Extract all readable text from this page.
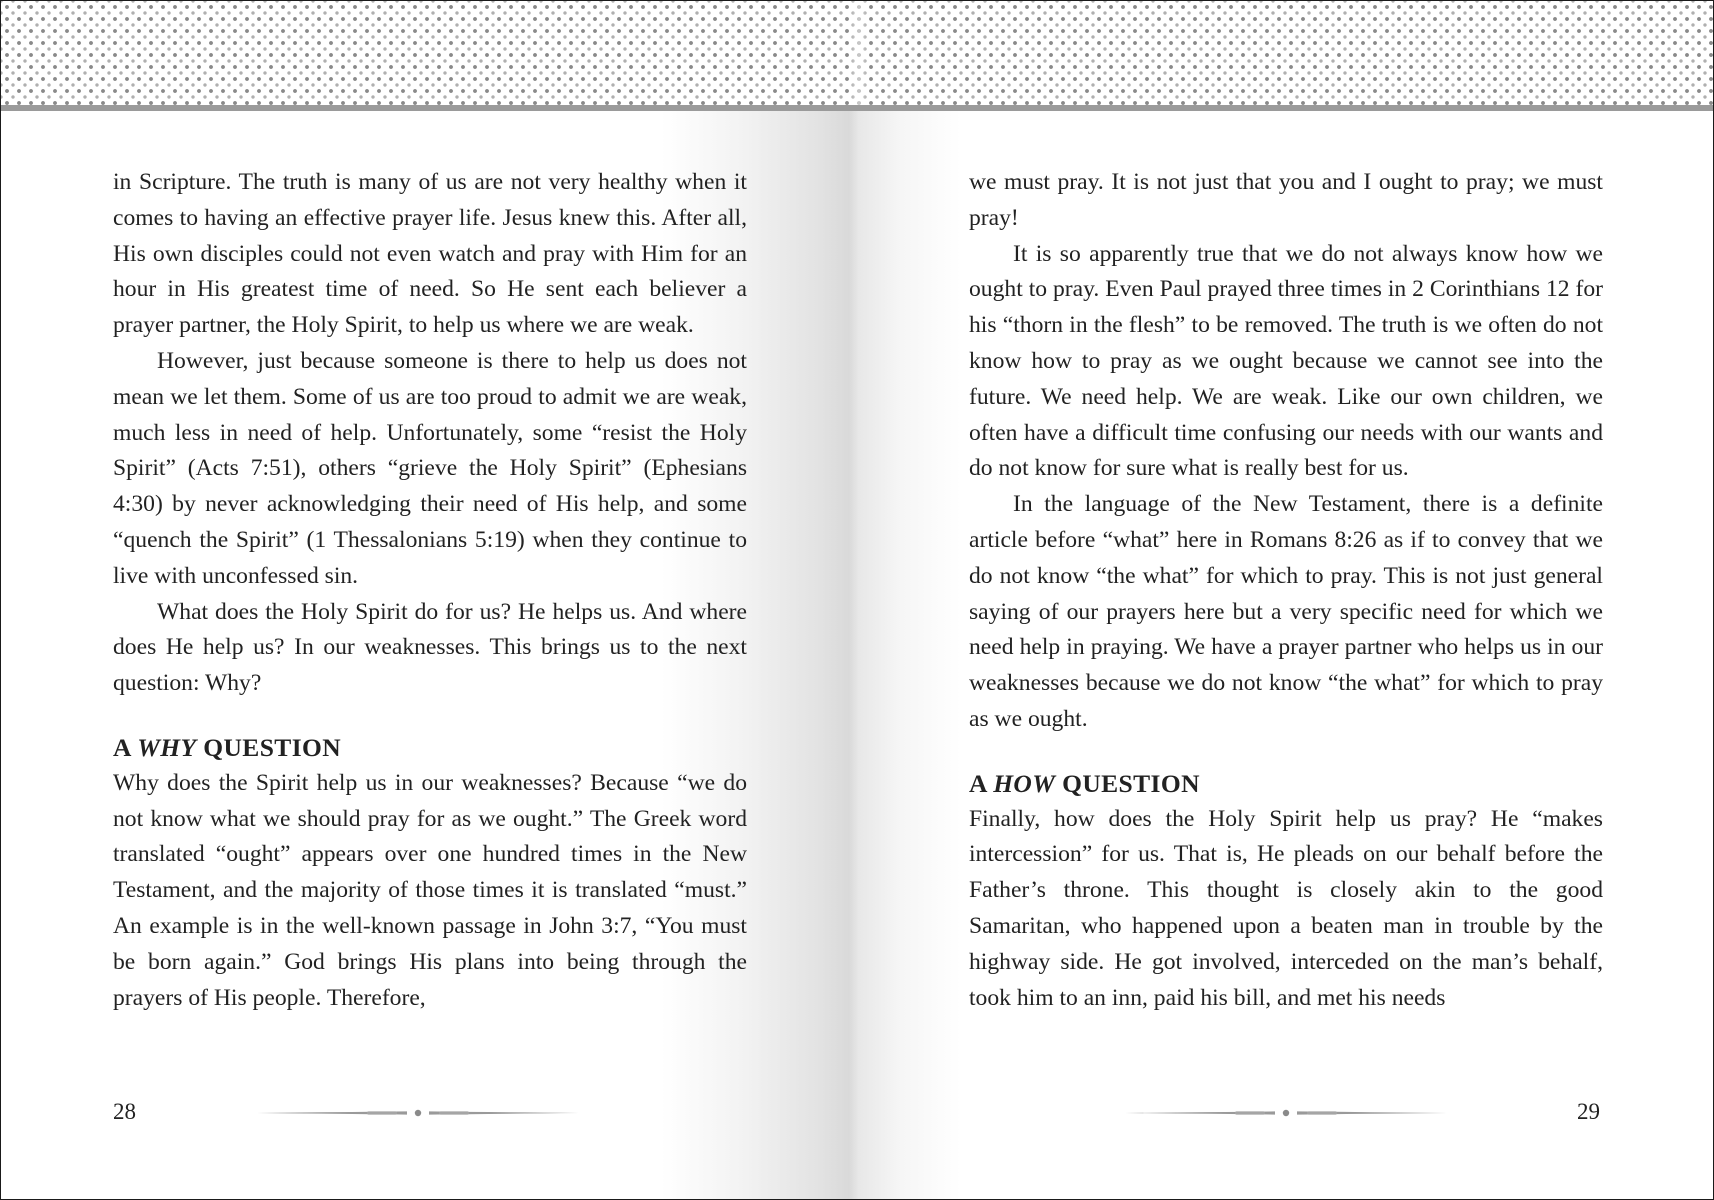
in Scripture. The truth is many of us are not very healthy when it comes to having an effective prayer life. Jesus knew this. After all, His own disciples could not even watch and pray with Him for an hour in His greatest time of need. So He sent each believer a prayer partner, the Holy Spirit, to help us where we are weak.

However, just because someone is there to help us does not mean we let them. Some of us are too proud to admit we are weak, much less in need of help. Unfortunately, some “resist the Holy Spirit” (Acts 7:51), others “grieve the Holy Spirit” (Ephesians 4:30) by never acknowledging their need of His help, and some “quench the Spirit” (1 Thessalonians 5:19) when they continue to live with unconfessed sin.

What does the Holy Spirit do for us? He helps us. And where does He help us? In our weaknesses. This brings us to the next question: Why?

A WHY QUESTION

Why does the Spirit help us in our weaknesses? Because “we do not know what we should pray for as we ought.” The Greek word translated “ought” appears over one hundred times in the New Testament, and the majority of those times it is translated “must.” An example is in the well-known passage in John 3:7, “You must be born again.” God brings His plans into being through the prayers of His people. Therefore,

28

we must pray. It is not just that you and I ought to pray; we must pray!

It is so apparently true that we do not always know how we ought to pray. Even Paul prayed three times in 2 Corinthians 12 for his “thorn in the flesh” to be removed. The truth is we often do not know how to pray as we ought because we cannot see into the future. We need help. We are weak. Like our own children, we often have a difficult time confusing our needs with our wants and do not know for sure what is really best for us.

In the language of the New Testament, there is a definite article before “what” here in Romans 8:26 as if to convey that we do not know “the what” for which to pray. This is not just general saying of our prayers here but a very specific need for which we need help in praying. We have a prayer partner who helps us in our weaknesses because we do not know “the what” for which to pray as we ought.

A HOW QUESTION

Finally, how does the Holy Spirit help us pray? He “makes intercession” for us. That is, He pleads on our behalf before the Father’s throne. This thought is closely akin to the good Samaritan, who happened upon a beaten man in trouble by the highway side. He got involved, interceded on the man’s behalf, took him to an inn, paid his bill, and met his needs

29
